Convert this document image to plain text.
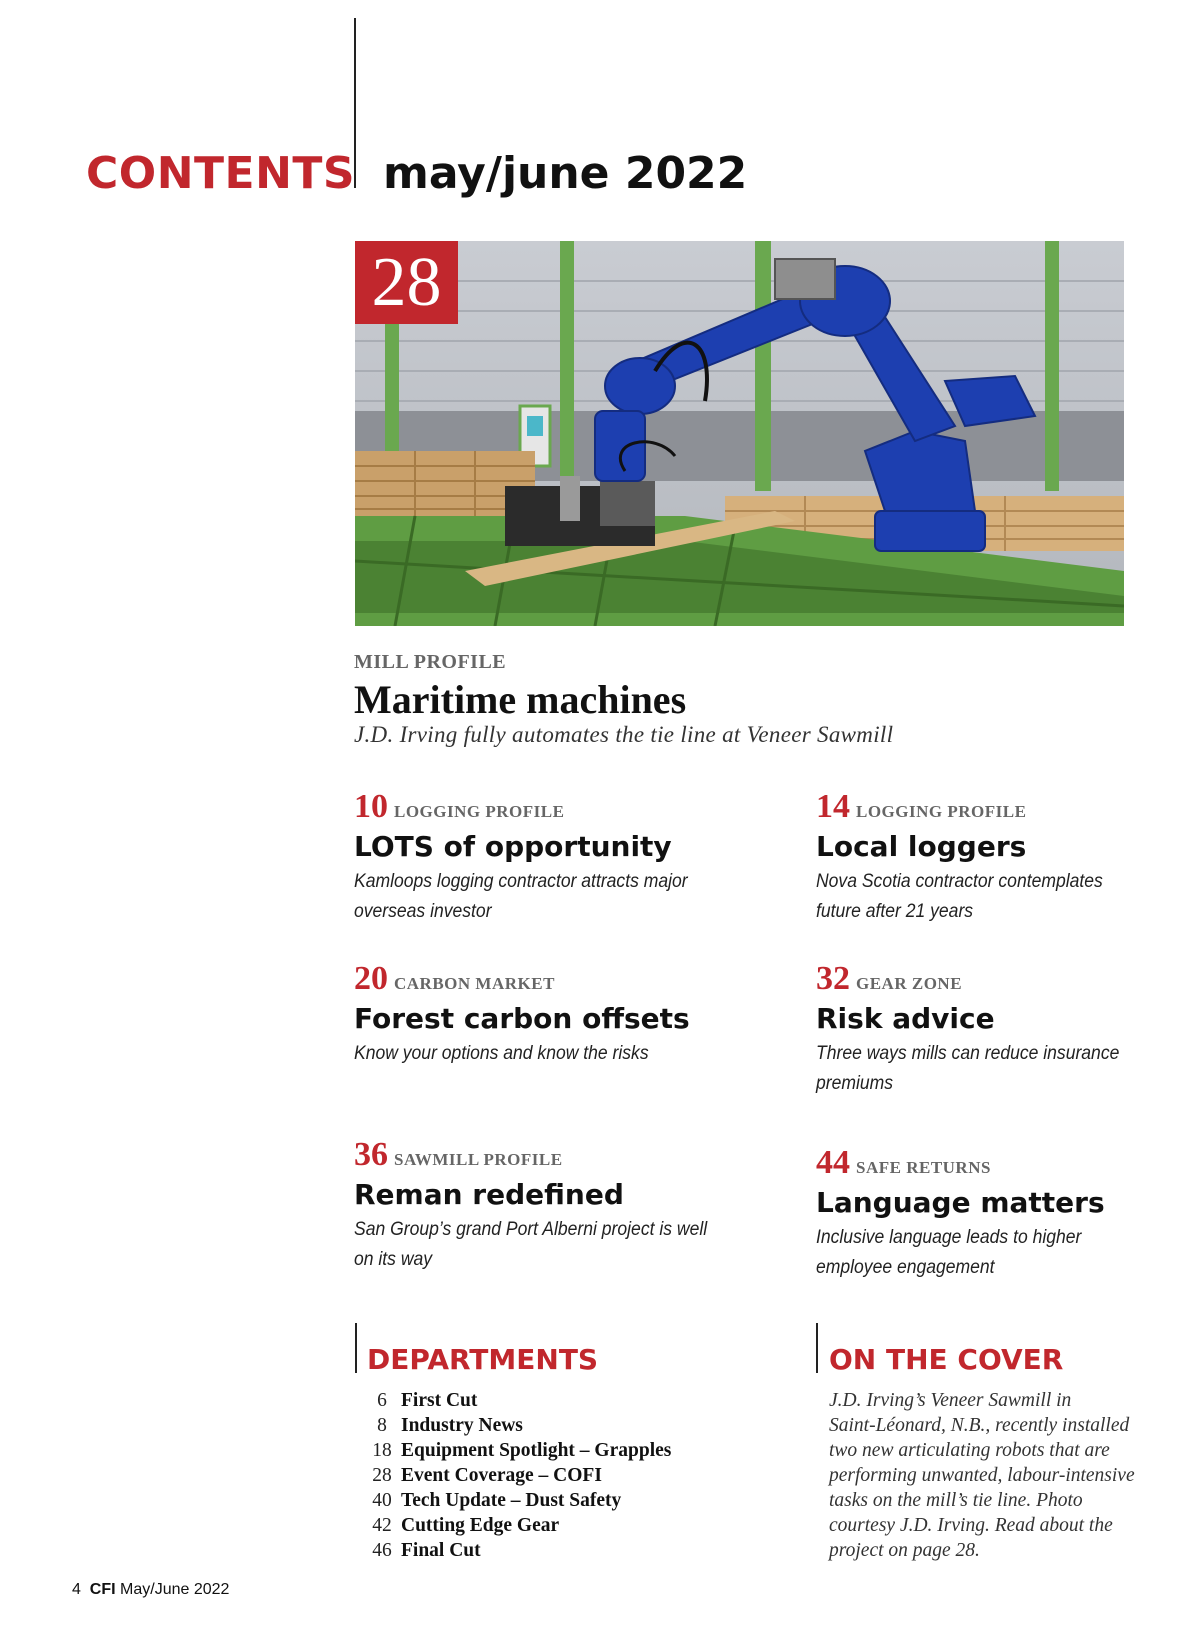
CONTENTS may/june 2022
28
MILL PROFILE
Maritime machines
J.D. Irving fully automates the tie line at Veneer Sawmill
10 LOGGING PROFILE
LOTS of opportunity
Kamloops logging contractor attracts major
overseas investor
14 LOGGING PROFILE
Local loggers
Nova Scotia contractor contemplates
future after 21 years
20 CARBON MARKET
Forest carbon offsets
Know your options and know the risks
32 GEAR ZONE
Risk advice
Three ways mills can reduce insurance
premiums
36 SAWMILL PROFILE
Reman redefined
San Group’s grand Port Alberni project is well
on its way
44 SAFE RETURNS
Language matters
Inclusive language leads to higher
employee engagement
DEPARTMENTS
6 First Cut
8 Industry News
18 Equipment Spotlight – Grapples
28 Event Coverage – COFI
40 Tech Update – Dust Safety
42 Cutting Edge Gear
46 Final Cut
ON THE COVER
J.D. Irving’s Veneer Sawmill in
Saint-Léonard, N.B., recently installed
two new articulating robots that are
performing unwanted, labour-intensive
tasks on the mill’s tie line. Photo
courtesy J.D. Irving. Read about the
project on page 28.
4 CFI May/June 2022
